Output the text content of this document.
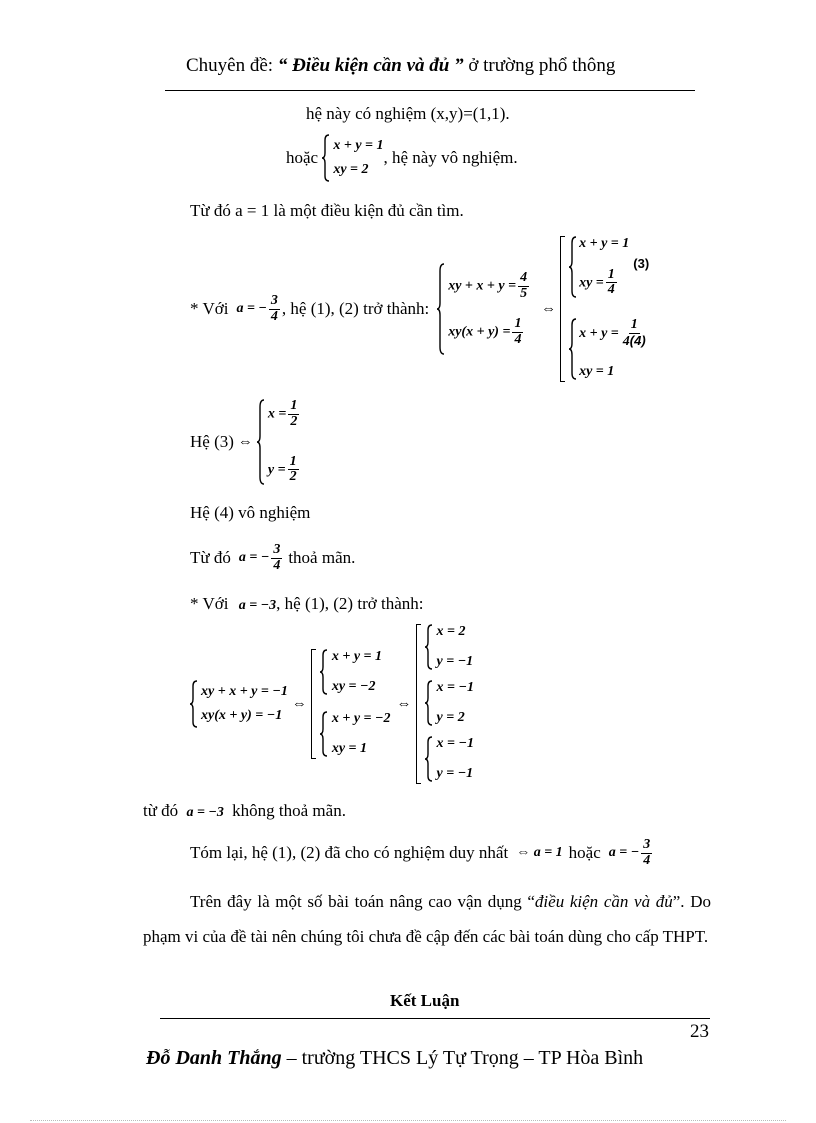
Chuyên đề: “ Điều kiện cần và đủ ” ở trường phổ thông
hệ này có nghiệm (x,y)=(1,1).
hoặc
x + y = 1
xy = 2
, hệ này vô nghiệm.
Từ đó a = 1 là một điều kiện đủ cần tìm.
* Với a = − $\frac{3}{4}$ , hệ (1), (2) trở thành:
xy + $x + y = \frac{4}{5}$
$xy(x + y) = \frac{1}{4}$
⇔
x + y = 1
xy = $\frac{1}{4}$
(3)
$x + y = \frac{1}{4(4)}$
xy = 1
Hệ (3) ⇔
$x = \frac{1}{2}$
$y = \frac{1}{2}$
Hệ (4) vô nghiệm
Từ đó a = − $\frac{3}{4}$ thoả mãn.
* Với a = −3, hệ (1), (2) trở thành:
xy + x + y = −1
xy(x + y) = −1
⇔
x + y = 1
xy = −2
x + y = −2
xy = 1
⇔
x = 2
y = −1
x = −1
y = 2
x = −1
y = −1
từ đó a = −3 không thoả mãn.
Tóm lại, hệ (1), (2) đã cho có nghiệm duy nhất ⇔ a = 1 hoặc a = − $\frac{3}{4}$
Trên đây là một số bài toán nâng cao vận dụng “điều kiện cần và đủ”. Do phạm vi của đề tài nên chúng tôi chưa đề cập đến các bài toán dùng cho cấp THPT.
Kết Luận
23
Đỗ Danh Thắng – trường THCS Lý Tự Trọng – TP Hòa Bình
